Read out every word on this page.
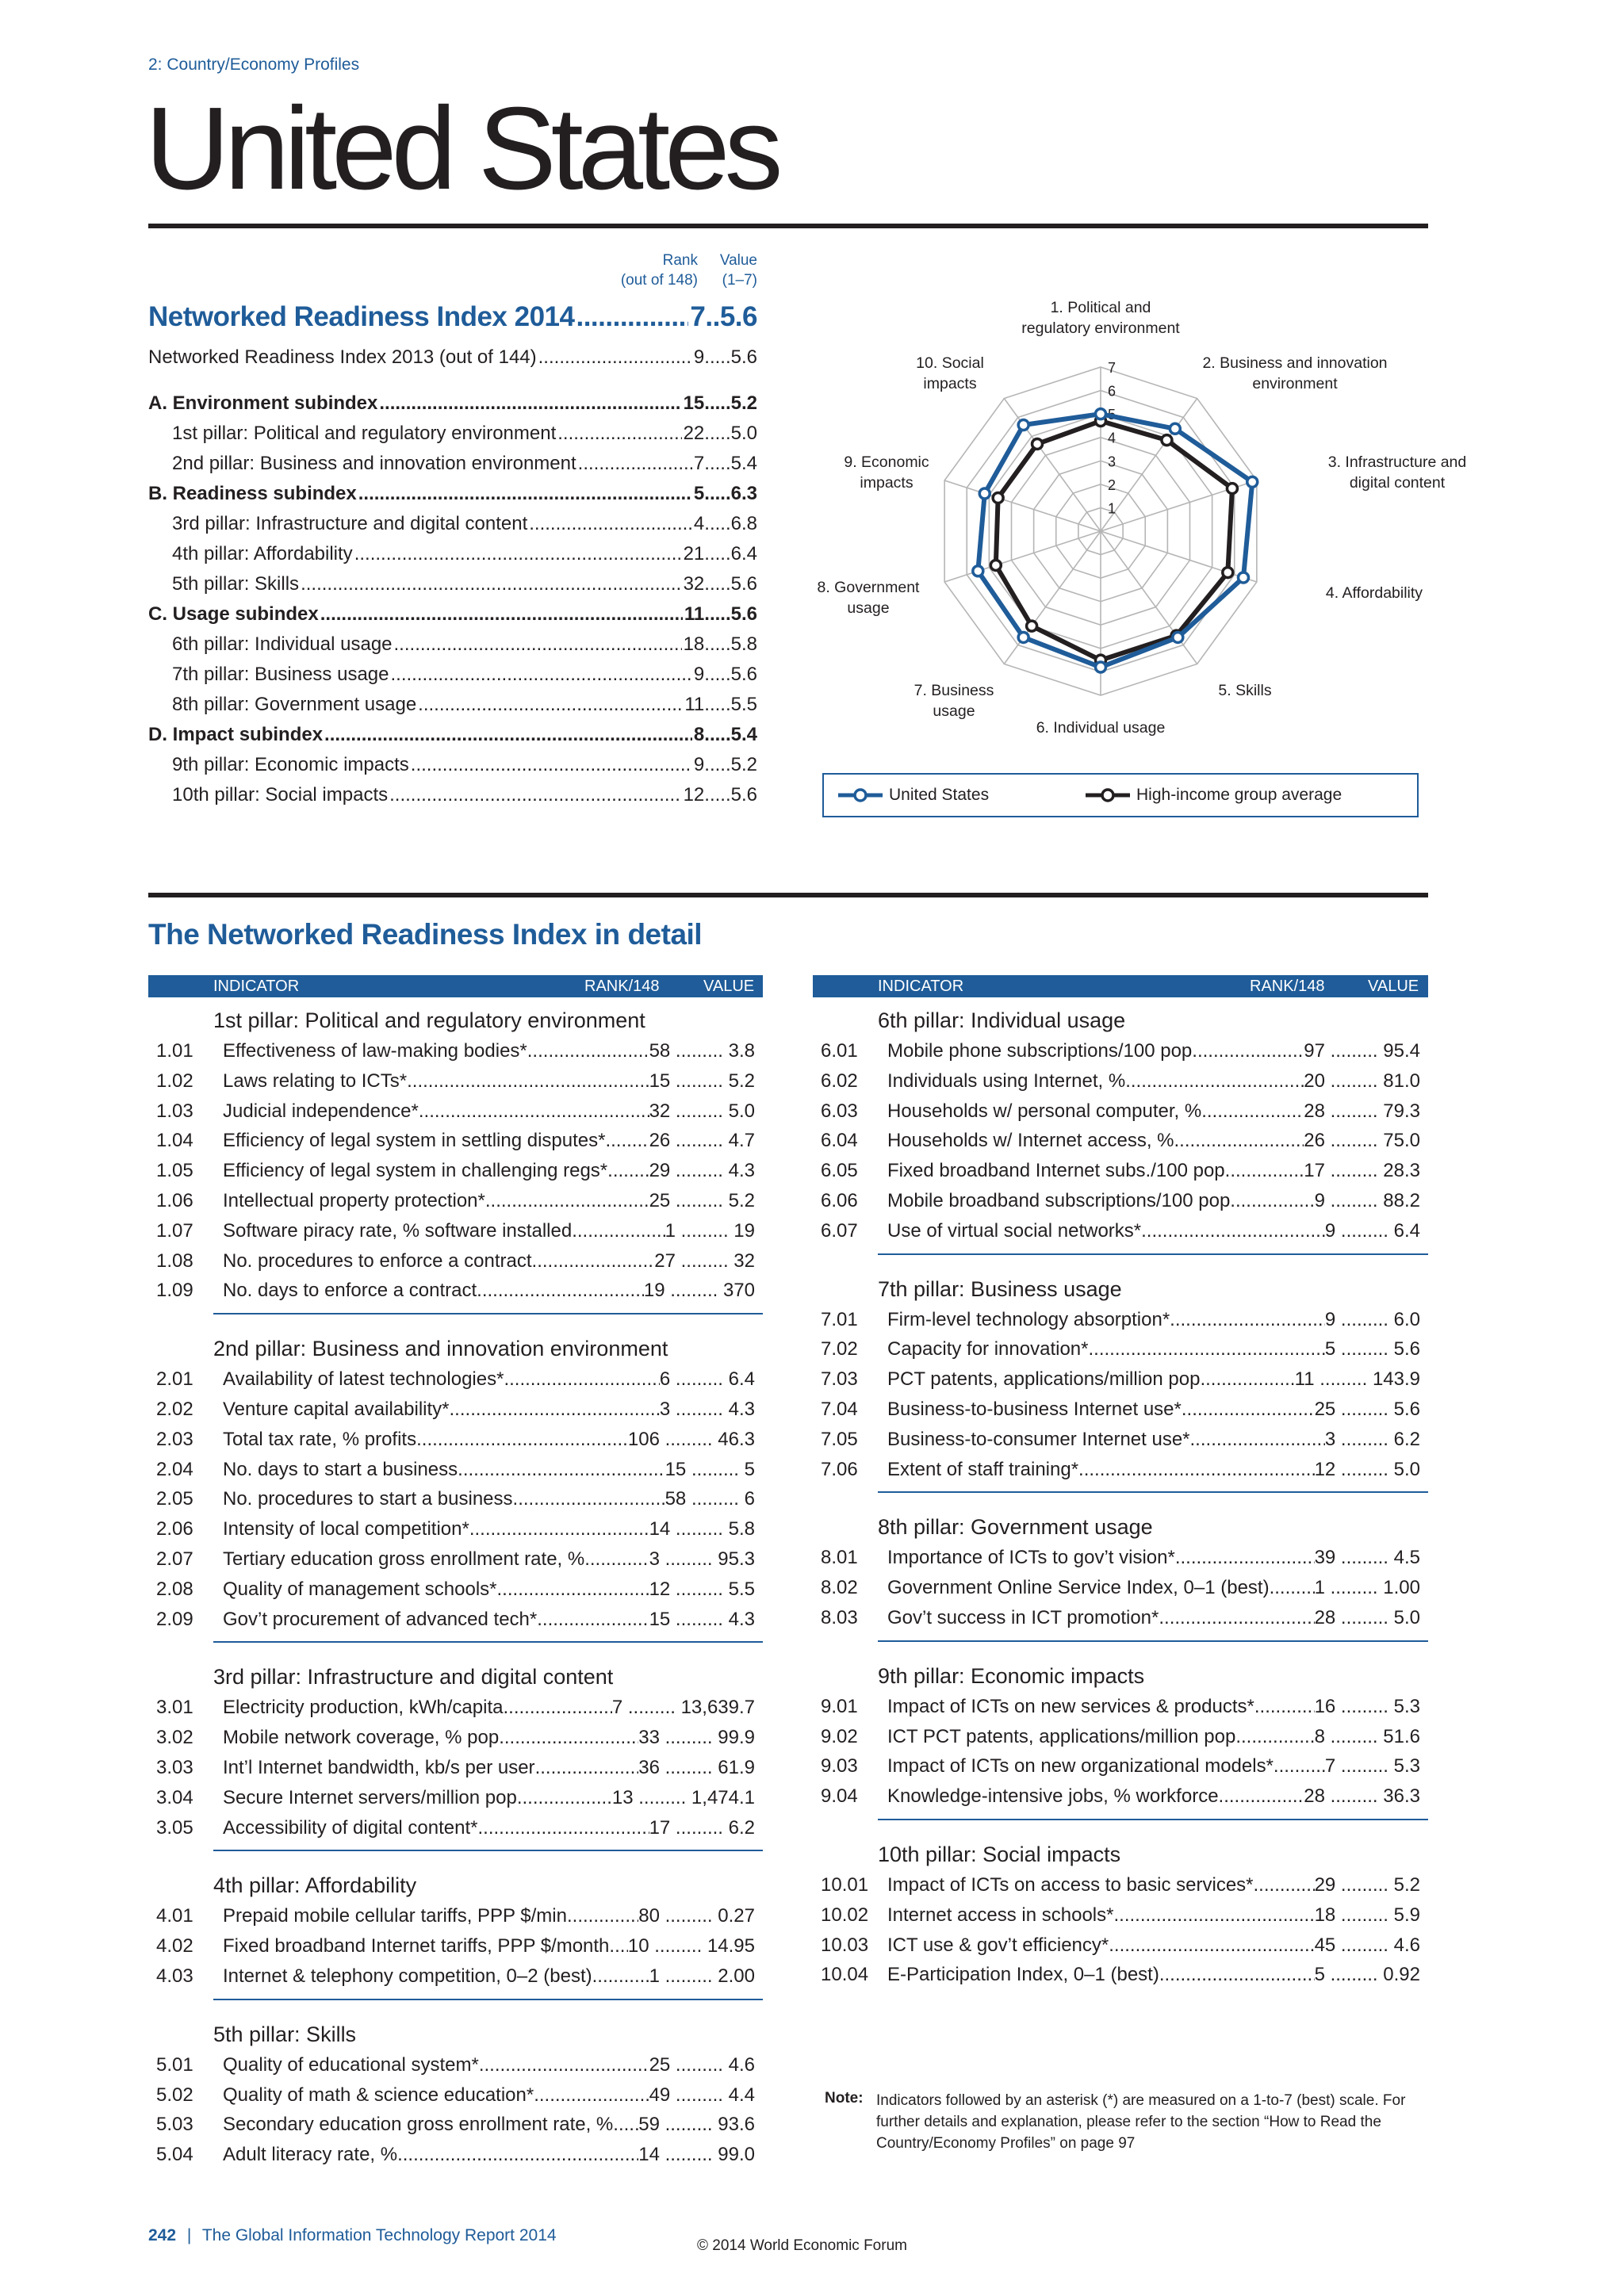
2: Country/Economy Profiles
United States
Rank
(out of 148)
Value
(1–7)
Networked Readiness Index 2014 .....	7 .. 5.6
Networked Readiness Index 2013 (out of 144) .....	9 ..... 5.6
A. Environment subindex .....	15 ..... 5.2
1st pillar: Political and regulatory environment .....	22 ..... 5.0
2nd pillar: Business and innovation environment .....	7 ..... 5.4
B. Readiness subindex .....	5 ..... 6.3
3rd pillar: Infrastructure and digital content .....	4 ..... 6.8
4th pillar: Affordability .....	21 ..... 6.4
5th pillar: Skills .....	32 ..... 5.6
C. Usage subindex .....	11 ..... 5.6
6th pillar: Individual usage .....	18 ..... 5.8
7th pillar: Business usage .....	9 ..... 5.6
8th pillar: Government usage .....	11 ..... 5.5
D. Impact subindex .....	8 ..... 5.4
9th pillar: Economic impacts .....	9 ..... 5.2
10th pillar: Social impacts .....	12 ..... 5.6
1
2
3
4
5
6
7
1. Political and
regulatory environment
2. Business and innovation
environment
3. Infrastructure and
digital content
4. Affordability
5. Skills
6. Individual usage
7. Business
usage
8. Government
usage
9. Economic
impacts
10. Social
impacts
United States	High-income group average
The Networked Readiness Index in detail
INDICATOR	RANK/148	VALUE	INDICATOR	RANK/148	VALUE
1st pillar: Political and regulatory environment
1.01 Effectiveness of law-making bodies* .....	58 ......... 3.8
1.02 Laws relating to ICTs* .....	15 ......... 5.2
1.03 Judicial independence* .....	32 ......... 5.0
1.04 Efficiency of legal system in settling disputes* ..... 26 ......... 4.7
1.05 Efficiency of legal system in challenging regs* ..... 29 ......... 4.3
1.06 Intellectual property protection* .....	25 ......... 5.2
1.07 Software piracy rate, % software installed .....	1 ......... 19
1.08 No. procedures to enforce a contract .....	27 ......... 32
1.09 No. days to enforce a contract .....	19 ......... 370
2nd pillar: Business and innovation environment
2.01 Availability of latest technologies* .....	6 ......... 6.4
2.02 Venture capital availability* .....	3 ......... 4.3
2.03 Total tax rate, % profits .....	106 ......... 46.3
2.04 No. days to start a business .....	15 ......... 5
2.05 No. procedures to start a business .....	58 ......... 6
2.06 Intensity of local competition* .....	14 ......... 5.8
2.07 Tertiary education gross enrollment rate, % .....	3 ......... 95.3
2.08 Quality of management schools* .....	12 ......... 5.5
2.09 Gov’t procurement of advanced tech* .....	15 ......... 4.3
3rd pillar: Infrastructure and digital content
3.01 Electricity production, kWh/capita .....	7 ......... 13,639.7
3.02 Mobile network coverage, % pop. .....	33 ......... 99.9
3.03 Int’l Internet bandwidth, kb/s per user .....	36 ......... 61.9
3.04 Secure Internet servers/million pop. .....	13 ......... 1,474.1
3.05 Accessibility of digital content* .....	17 ......... 6.2
4th pillar: Affordability
4.01 Prepaid mobile cellular tariffs, PPP $/min. .....	80 ......... 0.27
4.02 Fixed broadband Internet tariffs, PPP $/month ..... 10 ......... 14.95
4.03 Internet & telephony competition, 0–2 (best) .....	1 ......... 2.00
5th pillar: Skills
5.01 Quality of educational system* .....	25 ......... 4.6
5.02 Quality of math & science education* .....	49 ......... 4.4
5.03 Secondary education gross enrollment rate, % ..... 59 ......... 93.6
5.04 Adult literacy rate, % .....	14 ......... 99.0
6th pillar: Individual usage
6.01 Mobile phone subscriptions/100 pop. .....	97 ......... 95.4
6.02 Individuals using Internet, % .....	20 ......... 81.0
6.03 Households w/ personal computer, % .....	28 ......... 79.3
6.04 Households w/ Internet access, % .....	26 ......... 75.0
6.05 Fixed broadband Internet subs./100 pop. .....	17 ......... 28.3
6.06 Mobile broadband subscriptions/100 pop. .....	9 ......... 88.2
6.07 Use of virtual social networks* .....	9 ......... 6.4
7th pillar: Business usage
7.01 Firm-level technology absorption* .....	9 ......... 6.0
7.02 Capacity for innovation* .....	5 ......... 5.6
7.03 PCT patents, applications/million pop. .....	11 ......... 143.9
7.04 Business-to-business Internet use* .....	25 ......... 5.6
7.05 Business-to-consumer Internet use* .....	3 ......... 6.2
7.06 Extent of staff training* .....	12 ......... 5.0
8th pillar: Government usage
8.01 Importance of ICTs to gov’t vision* .....	39 ......... 4.5
8.02 Government Online Service Index, 0–1 (best) ..... 1 ......... 1.00
8.03 Gov’t success in ICT promotion* .....	28 ......... 5.0
9th pillar: Economic impacts
9.01 Impact of ICTs on new services & products* .....	16 ......... 5.3
9.02 ICT PCT patents, applications/million pop. .....	8 ......... 51.6
9.03 Impact of ICTs on new organizational models* .....	7 ......... 5.3
9.04 Knowledge-intensive jobs, % workforce .....	28 ......... 36.3
10th pillar: Social impacts
10.01 Impact of ICTs on access to basic services* .....	29 ......... 5.2
10.02 Internet access in schools* .....	18 ......... 5.9
10.03 ICT use & gov’t efficiency* .....	45 ......... 4.6
10.04 E-Participation Index, 0–1 (best) .....	5 ......... 0.92
Note: Indicators followed by an asterisk (*) are measured on a 1-to-7 (best) scale. For further details and explanation, please refer to the section “How to Read the Country/Economy Profiles” on page 97
242 | The Global Information Technology Report 2014
© 2014 World Economic Forum
